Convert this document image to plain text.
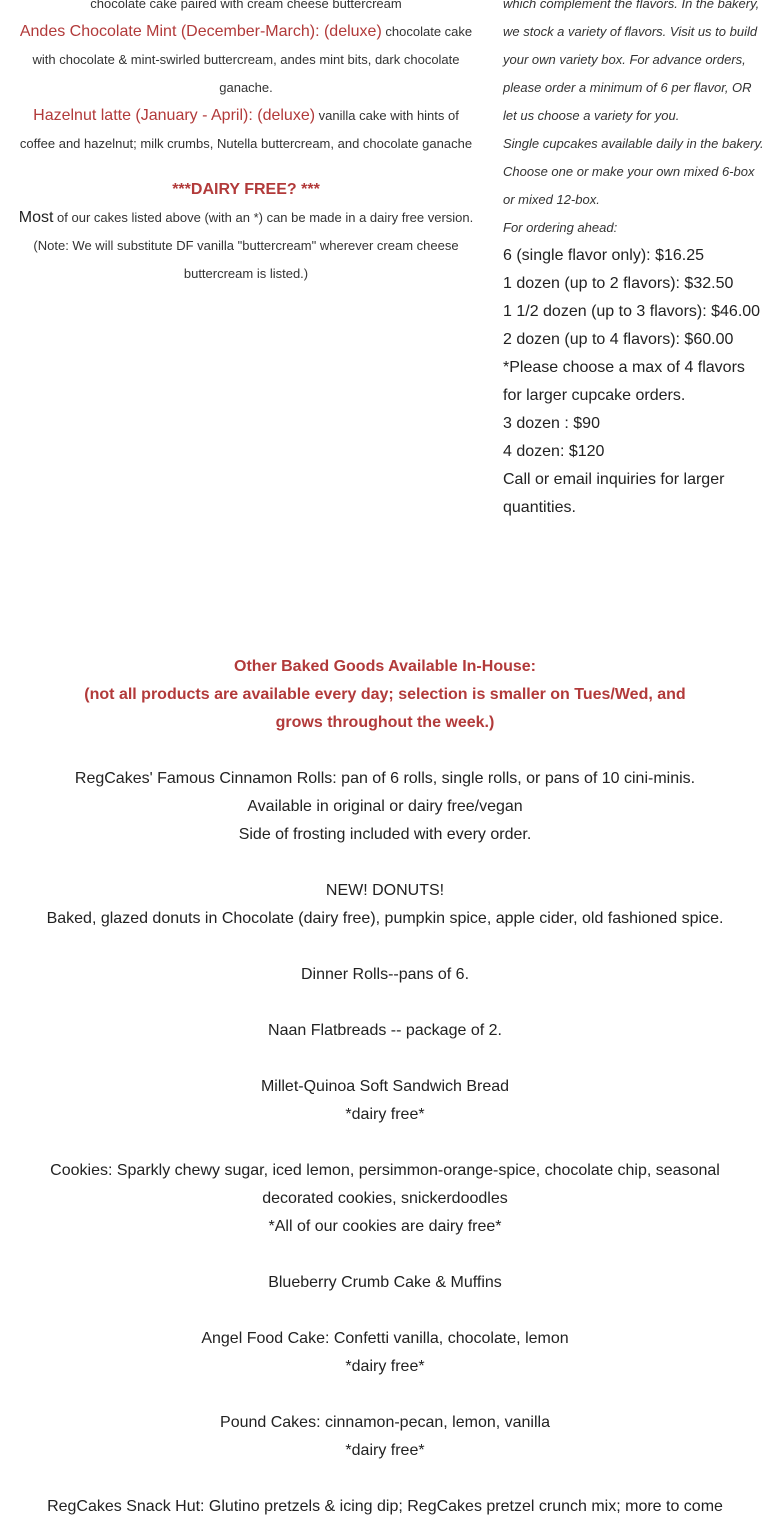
chocolate cake paired with cream cheese buttercream
Andes Chocolate Mint (December-March): (deluxe) chocolate cake with chocolate & mint-swirled buttercream, andes mint bits, dark chocolate ganache.
Hazelnut latte (January - April): (deluxe) vanilla cake with hints of coffee and hazelnut; milk crumbs, Nutella buttercream, and chocolate ganache
***DAIRY FREE? ***
Most of our cakes listed above (with an *) can be made in a dairy free version. (Note: We will substitute DF vanilla "buttercream" wherever cream cheese buttercream is listed.)
which complement the flavors. In the bakery, we stock a variety of flavors. Visit us to build your own variety box. For advance orders, please order a minimum of 6 per flavor, OR let us choose a variety for you.
Single cupcakes available daily in the bakery. Choose one or make your own mixed 6-box or mixed 12-box.
For ordering ahead:
6 (single flavor only): $16.25
1 dozen (up to 2 flavors): $32.50
1 1/2 dozen (up to 3 flavors): $46.00
2 dozen (up to 4 flavors): $60.00
*Please choose a max of 4 flavors for larger cupcake orders.
3 dozen : $90
4 dozen: $120
Call or email inquiries for larger quantities.
Other Baked Goods Available In-House:
(not all products are available every day; selection is smaller on Tues/Wed, and grows throughout the week.)
RegCakes' Famous Cinnamon Rolls: pan of 6 rolls, single rolls, or pans of 10 cini-minis.
Available in original or dairy free/vegan
Side of frosting included with every order.
NEW! DONUTS!
Baked, glazed donuts in Chocolate (dairy free), pumpkin spice, apple cider, old fashioned spice.
Dinner Rolls--pans of 6.
Naan Flatbreads -- package of 2.
Millet-Quinoa Soft Sandwich Bread
*dairy free*
Cookies: Sparkly chewy sugar, iced lemon, persimmon-orange-spice, chocolate chip, seasonal decorated cookies, snickerdoodles
*All of our cookies are dairy free*
Blueberry Crumb Cake & Muffins
Angel Food Cake: Confetti vanilla, chocolate, lemon
*dairy free*
Pound Cakes: cinnamon-pecan, lemon, vanilla
*dairy free*
RegCakes Snack Hut: Glutino pretzels & icing dip; RegCakes pretzel crunch mix; more to come
